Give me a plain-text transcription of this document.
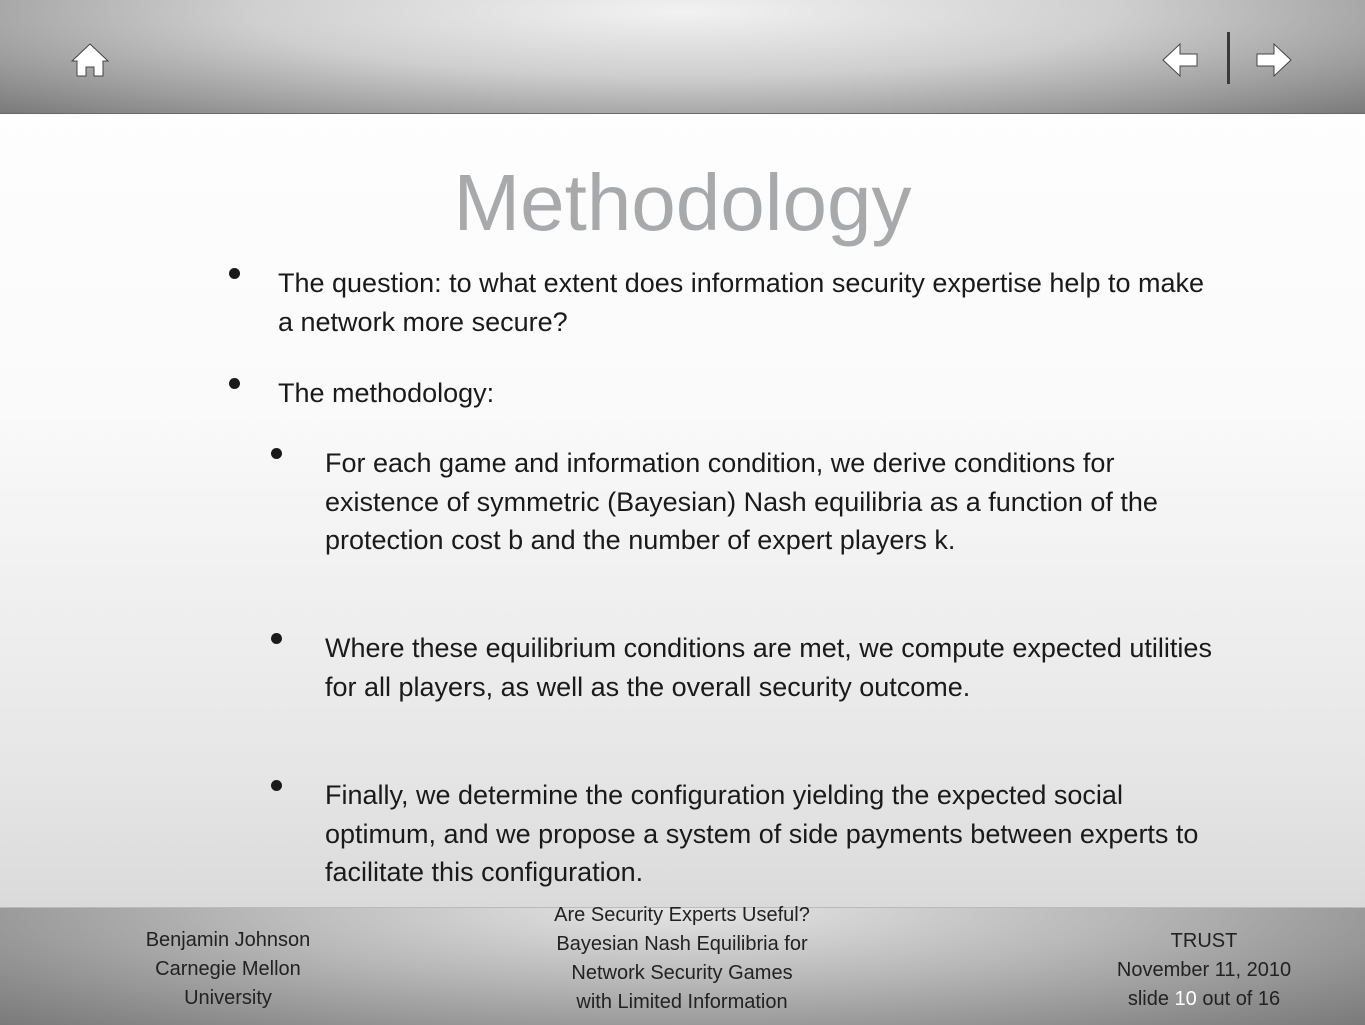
Methodology
The question: to what extent does information security expertise help to make a network more secure?
The methodology:
For each game and information condition, we derive conditions for existence of symmetric (Bayesian) Nash equilibria as a function of the protection cost b and the number of expert players k.
Where these equilibrium conditions are met, we compute expected utilities for all players, as well as the overall security outcome.
Finally, we determine the configuration yielding the expected social optimum, and we propose a system of side payments between experts to facilitate this configuration.
Benjamin Johnson
Carnegie Mellon
University
Are Security Experts Useful?
Bayesian Nash Equilibria for
Network Security Games
with Limited Information
TRUST
November 11, 2010
slide 10 out of 16
